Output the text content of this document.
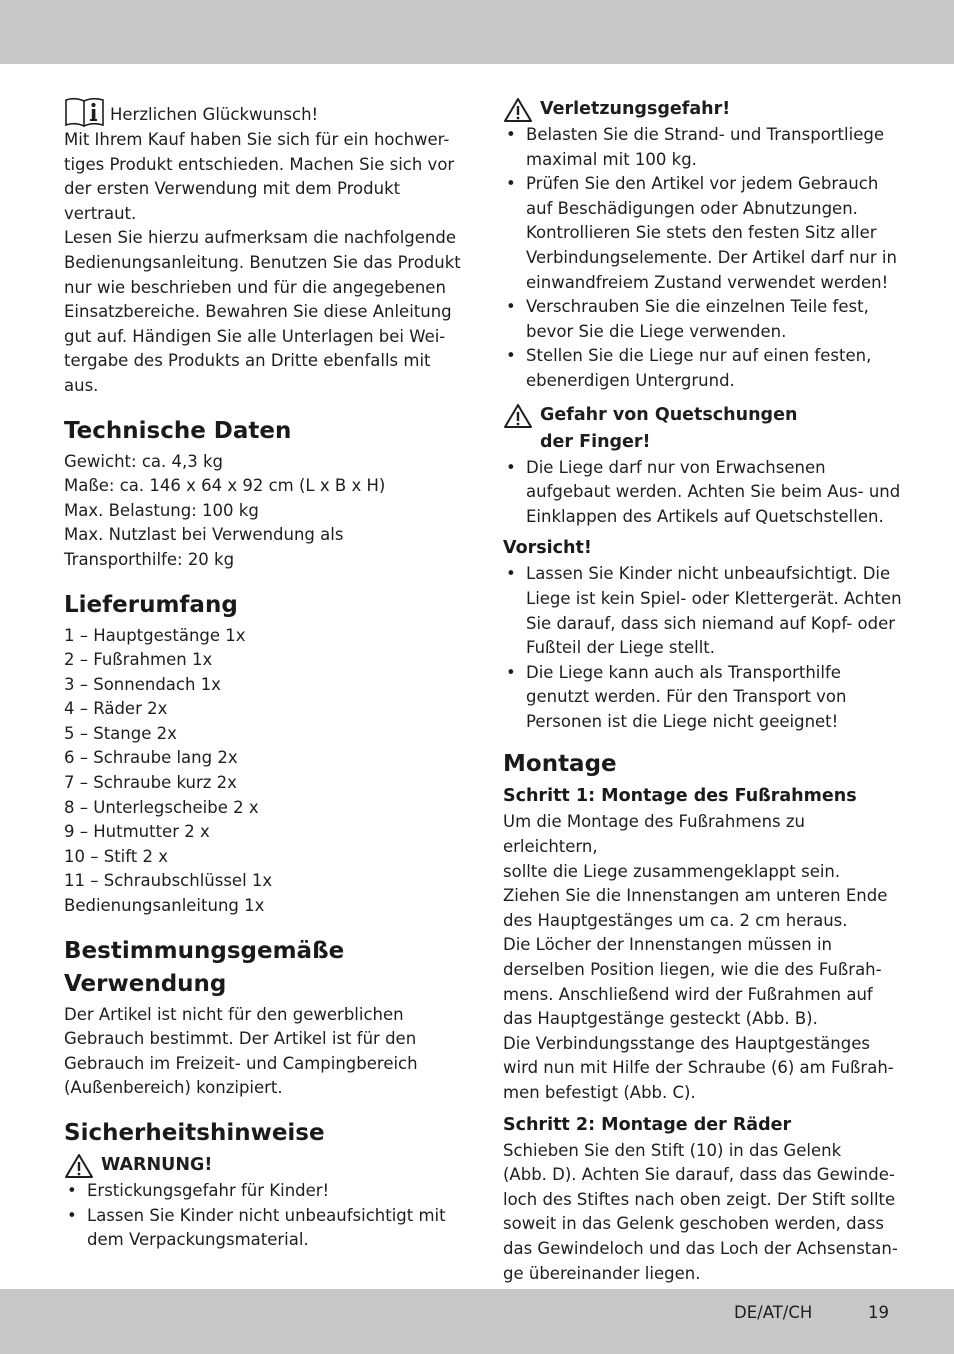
Herzlichen Glückwunsch!
Mit Ihrem Kauf haben Sie sich für ein hochwer-
tiges Produkt entschieden. Machen Sie sich vor
der ersten Verwendung mit dem Produkt vertraut.
Lesen Sie hierzu aufmerksam die nachfolgende
Bedienungsanleitung. Benutzen Sie das Produkt
nur wie beschrieben und für die angegebenen
Einsatzbereiche. Bewahren Sie diese Anleitung
gut auf. Händigen Sie alle Unterlagen bei Wei-
tergabe des Produkts an Dritte ebenfalls mit aus.
Technische Daten
Gewicht: ca. 4,3 kg
Maße: ca. 146 x 64 x 92 cm (L x B x H)
Max. Belastung: 100 kg
Max. Nutzlast bei Verwendung als
Transporthilfe: 20 kg
Lieferumfang
1 – Hauptgestänge 1x
2 – Fußrahmen 1x
3 – Sonnendach 1x
4 – Räder 2x
5 – Stange 2x
6 – Schraube lang 2x
7 – Schraube kurz 2x
8 – Unterlegscheibe 2 x
9 – Hutmutter 2 x
10 – Stift 2 x
11 – Schraubschlüssel 1x
Bedienungsanleitung 1x
Bestimmungsgemäße
Verwendung
Der Artikel ist nicht für den gewerblichen
Gebrauch bestimmt. Der Artikel ist für den
Gebrauch im Freizeit- und Campingbereich
(Außenbereich) konzipiert.
Sicherheitshinweise
WARNUNG!
• Erstickungsgefahr für Kinder!
• Lassen Sie Kinder nicht unbeaufsichtigt mit dem Verpackungsmaterial.
Verletzungsgefahr!
• Belasten Sie die Strand- und Transportliege maximal mit 100 kg.
• Prüfen Sie den Artikel vor jedem Gebrauch auf Beschädigungen oder Abnutzungen. Kontrollieren Sie stets den festen Sitz aller Verbindungselemente. Der Artikel darf nur in einwandfreiem Zustand verwendet werden!
• Verschrauben Sie die einzelnen Teile fest, bevor Sie die Liege verwenden.
• Stellen Sie die Liege nur auf einen festen, ebenerdigen Untergrund.
Gefahr von Quetschungen
der Finger!
• Die Liege darf nur von Erwachsenen aufgebaut werden. Achten Sie beim Aus- und Einklappen des Artikels auf Quetschstellen.
Vorsicht!
• Lassen Sie Kinder nicht unbeaufsichtigt. Die Liege ist kein Spiel- oder Klettergerät. Achten Sie darauf, dass sich niemand auf Kopf- oder Fußteil der Liege stellt.
• Die Liege kann auch als Transporthilfe genutzt werden. Für den Transport von Personen ist die Liege nicht geeignet!
Montage
Schritt 1: Montage des Fußrahmens
Um die Montage des Fußrahmens zu erleichtern,
sollte die Liege zusammengeklappt sein.
Ziehen Sie die Innenstangen am unteren Ende
des Hauptgestänges um ca. 2 cm heraus.
Die Löcher der Innenstangen müssen in
derselben Position liegen, wie die des Fußrah-
mens. Anschließend wird der Fußrahmen auf
das Hauptgestänge gesteckt (Abb. B).
Die Verbindungsstange des Hauptgestänges
wird nun mit Hilfe der Schraube (6) am Fußrah-
men befestigt (Abb. C).
Schritt 2: Montage der Räder
Schieben Sie den Stift (10) in das Gelenk
(Abb. D). Achten Sie darauf, dass das Gewinde-
loch des Stiftes nach oben zeigt. Der Stift sollte
soweit in das Gelenk geschoben werden, dass
das Gewindeloch und das Loch der Achsenstan-
ge übereinander liegen.
DE/AT/CH	19
